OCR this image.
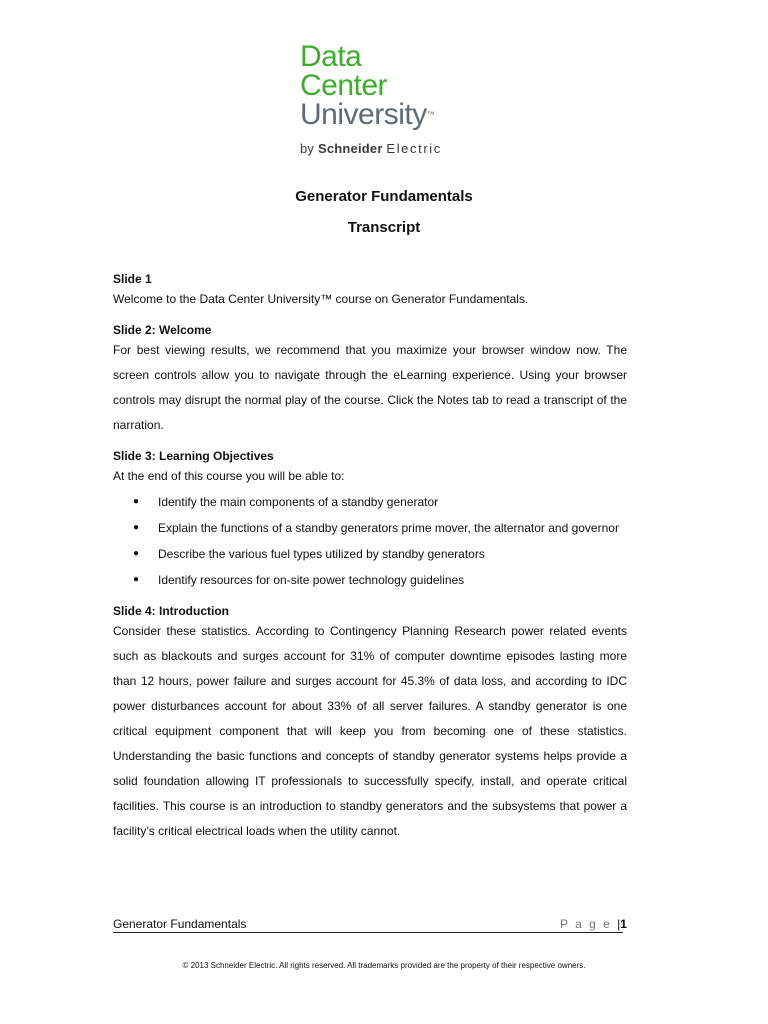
Data
Center
University™
by Schneider Electric
Generator Fundamentals
Transcript

Slide 1

Welcome to the Data Center University™ course on Generator Fundamentals.

Slide 2: Welcome

For best viewing results, we recommend that you maximize your browser window now. The screen controls allow you to navigate through the eLearning experience. Using your browser controls may disrupt the normal play of the course. Click the Notes tab to read a transcript of the narration.

Slide 3: Learning Objectives

At the end of this course you will be able to:

● Identify the main components of a standby generator
● Explain the functions of a standby generators prime mover, the alternator and governor
● Describe the various fuel types utilized by standby generators
● Identify resources for on-site power technology guidelines

Slide 4: Introduction

Consider these statistics. According to Contingency Planning Research power related events such as blackouts and surges account for 31% of computer downtime episodes lasting more than 12 hours, power failure and surges account for 45.3% of data loss, and according to IDC power disturbances account for about 33% of all server failures. A standby generator is one critical equipment component that will keep you from becoming one of these statistics. Understanding the basic functions and concepts of standby generator systems helps provide a solid foundation allowing IT professionals to successfully specify, install, and operate critical facilities. This course is an introduction to standby generators and the subsystems that power a facility’s critical electrical loads when the utility cannot.

Generator Fundamentals	P a g e |1
© 2013 Schneider Electric. All rights reserved. All trademarks provided are the property of their respective owners.
